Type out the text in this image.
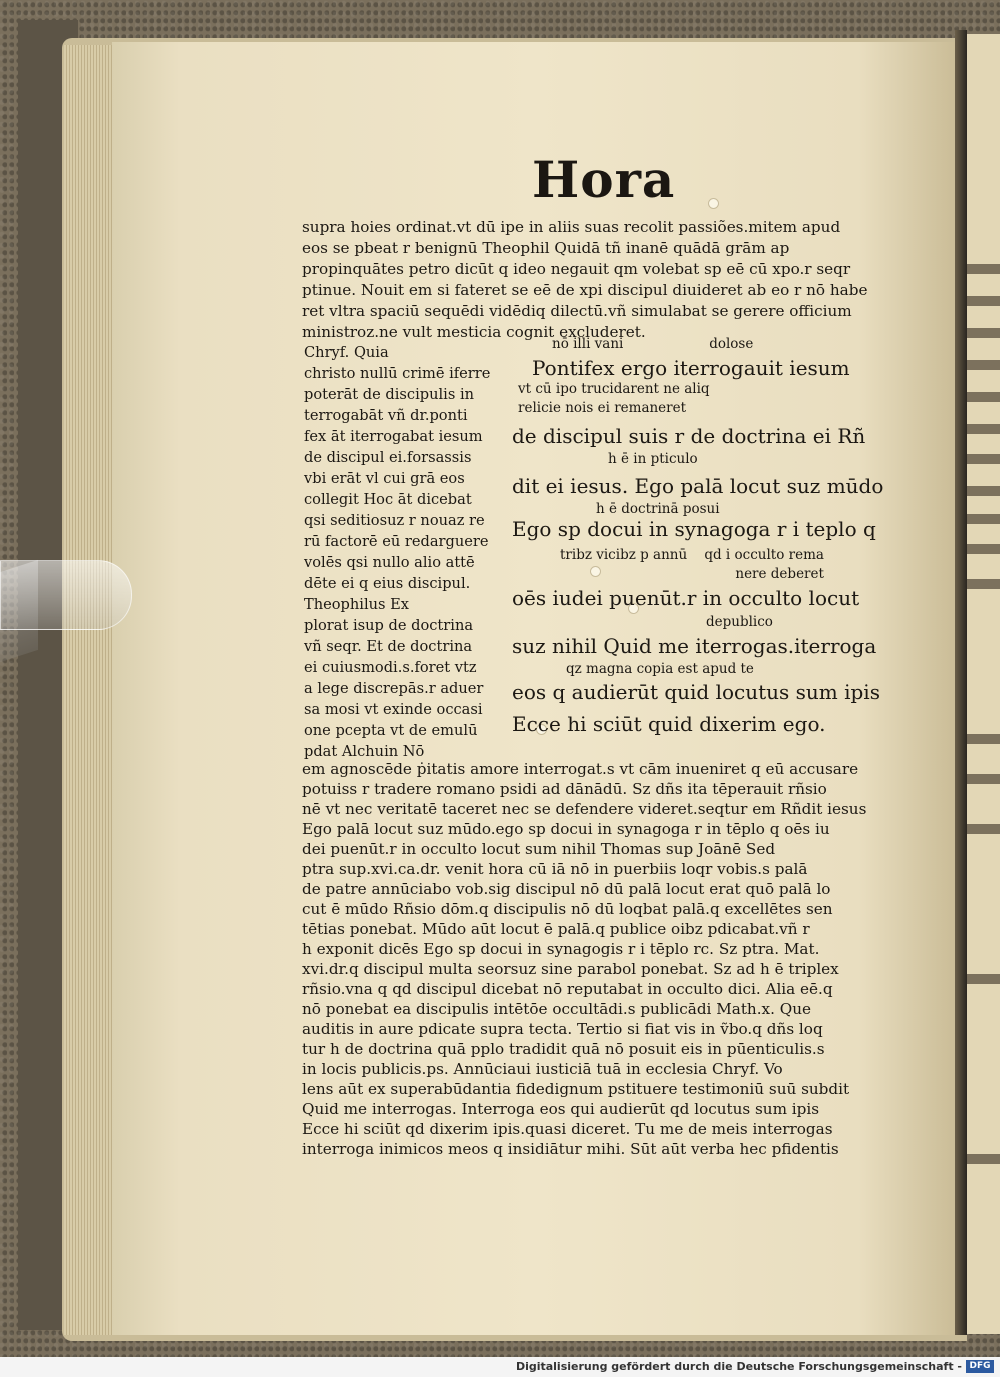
Hora

supra hoies ordinat.vt dū ipe in aliis suas recolit passiões.mitem apud

eos se pbeat r benignū Theophil Quidā tñ inanē quādā grām ap

propinquātes petro dicūt q ideo negauit qm volebat sp eē cū xpo.r seqr

ptinue. Nouit em si fateret se eē de xpi discipul diuideret ab eo r nō habe

ret vltra spaciū sequēdi vidēdiq dilectū.vñ simulabat se gerere officium

ministroz.ne vult mesticia cognit excluderet.

Chryf. Quia

christo nullū crimē iferre

poterāt de discipulis in

terrogabāt vñ dr.ponti

fex āt iterrogabat iesum

de discipul ei.forsassis

vbi erāt vl cui grā eos

collegit Hoc āt dicebat

qsi seditiosuz r nouaz re

rū factorē eū redarguere

volēs qsi nullo alio attē

dēte ei q eius discipul.

Theophilus Ex

plorat isup de doctrina

vñ seqr. Et de doctrina

ei cuiusmodi.s.foret vtz

a lege discrepās.r aduer

sa mosi vt exinde occasi

one pcepta vt de emulū

pdat Alchuin Nō

nō illi vani                    dolose

Pontifex ergo iterrogauit iesum

vt cū ipo trucidarent ne aliq
relicie nois ei remaneret

de discipul suis r de doctrina ei Rñ

h ē in pticulo

dit ei iesus. Ego palā locut suz mūdo

h ē doctrinā posui

Ego sp docui in synagoga r i teplo q

tribz vicibz p annū    qd i occulto rema
nere deberet

oēs iudei puenūt.r in occulto locut

depublico

suz nihil Quid me iterrogas.iterroga

qz magna copia est apud te

eos q audierūt quid locutus sum ipis

Ecce hi sciūt quid dixerim ego.

em agnoscēde ṗitatis amore interrogat.s vt cām inueniret q eū accusare

potuiss r tradere romano psidi ad dānādū. Sz dñs ita tēperauit rñsio

nē vt nec veritatē taceret nec se defendere videret.seqtur em Rñdit iesus

Ego palā locut suz mūdo.ego sp docui in synagoga r in tēplo q oēs iu

dei puenūt.r in occulto locut sum nihil Thomas sup Joānē Sed

ptra sup.xvi.ca.dr. venit hora cū iā nō in puerbiis loqr vobis.s palā

de patre annūciabo vob.sig discipul nō dū palā locut erat quō palā lo

cut ē mūdo Rñsio dōm.q discipulis nō dū loqbat palā.q excellētes sen

tētias ponebat. Mūdo aūt locut ē palā.q publice oibz pdicabat.vñ r

h exponit dicēs Ego sp docui in synagogis r i tēplo rc. Sz ptra. Mat.

xvi.dr.q discipul multa seorsuz sine parabol ponebat. Sz ad h ē triplex

rñsio.vna q qd discipul dicebat nō reputabat in occulto dici. Alia eē.q

nō ponebat ea discipulis intētōe occultādi.s publicādi Math.x. Que

auditis in aure pdicate supra tecta. Tertio si fiat vis in ṽbo.q dñs loq

tur h de doctrina quā pplo tradidit quā nō posuit eis in pūenticulis.s

in locis publicis.ps. Annūciaui iusticiā tuā in ecclesia Chryf. Vo

lens aūt ex superabūdantia fidedignum pstituere testimoniū suū subdit

Quid me interrogas. Interroga eos qui audierūt qd locutus sum ipis

Ecce hi sciūt qd dixerim ipis.quasi diceret. Tu me de meis interrogas

interroga inimicos meos q insidiātur mihi. Sūt aūt verba hec pfidentis

Digitalisierung gefördert durch die Deutsche Forschungsgemeinschaft - DFG
